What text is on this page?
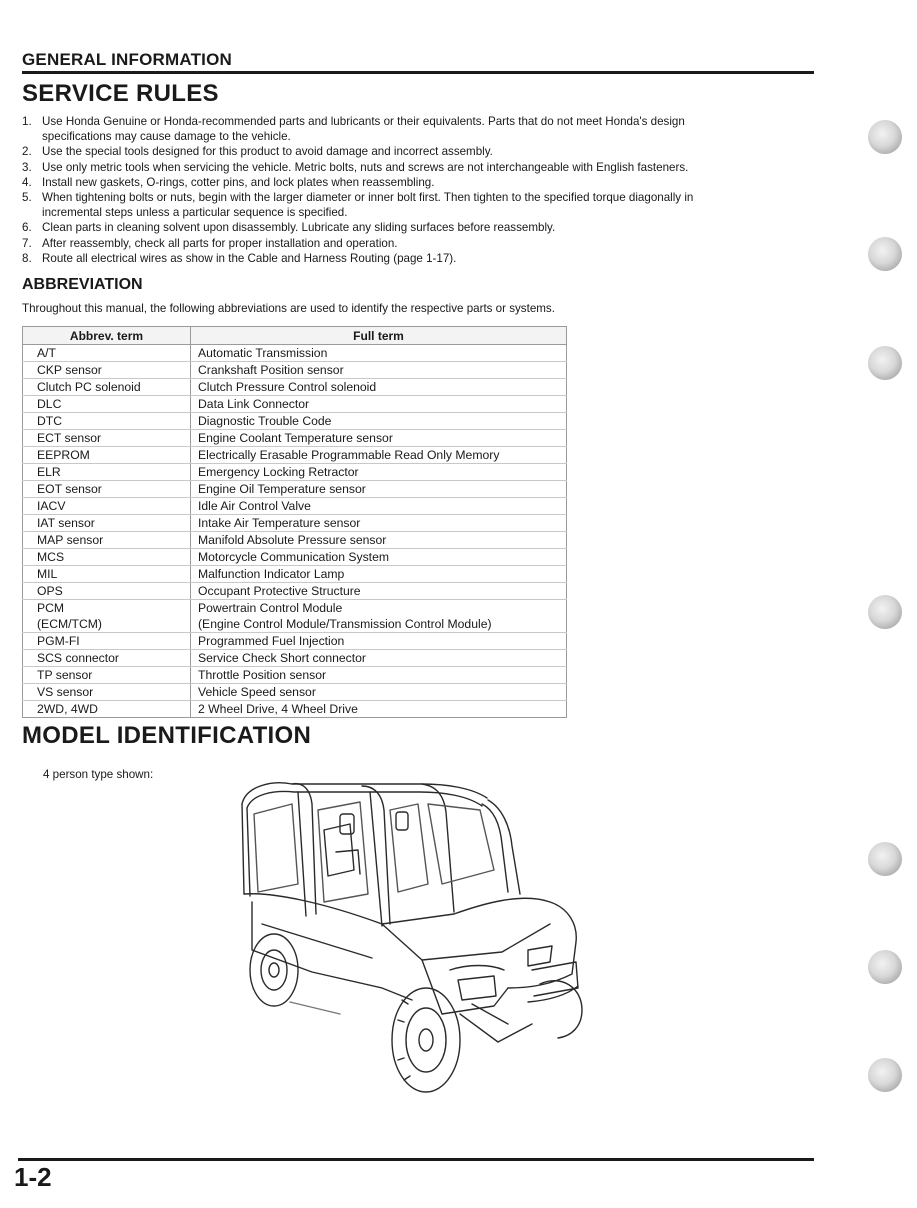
GENERAL INFORMATION
SERVICE RULES
1. Use Honda Genuine or Honda-recommended parts and lubricants or their equivalents. Parts that do not meet Honda's design
specifications may cause damage to the vehicle.
2. Use the special tools designed for this product to avoid damage and incorrect assembly.
3. Use only metric tools when servicing the vehicle. Metric bolts, nuts and screws are not interchangeable with English fasteners.
4. Install new gaskets, O-rings, cotter pins, and lock plates when reassembling.
5. When tightening bolts or nuts, begin with the larger diameter or inner bolt first. Then tighten to the specified torque diagonally in
incremental steps unless a particular sequence is specified.
6. Clean parts in cleaning solvent upon disassembly. Lubricate any sliding surfaces before reassembly.
7. After reassembly, check all parts for proper installation and operation.
8. Route all electrical wires as show in the Cable and Harness Routing (page 1-17).
ABBREVIATION
Throughout this manual, the following abbreviations are used to identify the respective parts or systems.
Abbrev. term	Full term

A/T	Automatic Transmission

CKP sensor	Crankshaft Position sensor

Clutch PC solenoid	Clutch Pressure Control solenoid

DLC	Data Link Connector

DTC	Diagnostic Trouble Code

ECT sensor	Engine Coolant Temperature sensor

EEPROM	Electrically Erasable Programmable Read Only Memory

ELR	Emergency Locking Retractor

EOT sensor	Engine Oil Temperature sensor

IACV	Idle Air Control Valve

IAT sensor	Intake Air Temperature sensor

MAP sensor	Manifold Absolute Pressure sensor

MCS	Motorcycle Communication System

MIL	Malfunction Indicator Lamp

OPS	Occupant Protective Structure

PCM
(ECM/TCM)	Powertrain Control Module
(Engine Control Module/Transmission Control Module)

PGM-FI	Programmed Fuel Injection

SCS connector	Service Check Short connector

TP sensor	Throttle Position sensor

VS sensor	Vehicle Speed sensor

2WD, 4WD	2 Wheel Drive, 4 Wheel Drive
MODEL IDENTIFICATION
4 person type shown:
1-2
